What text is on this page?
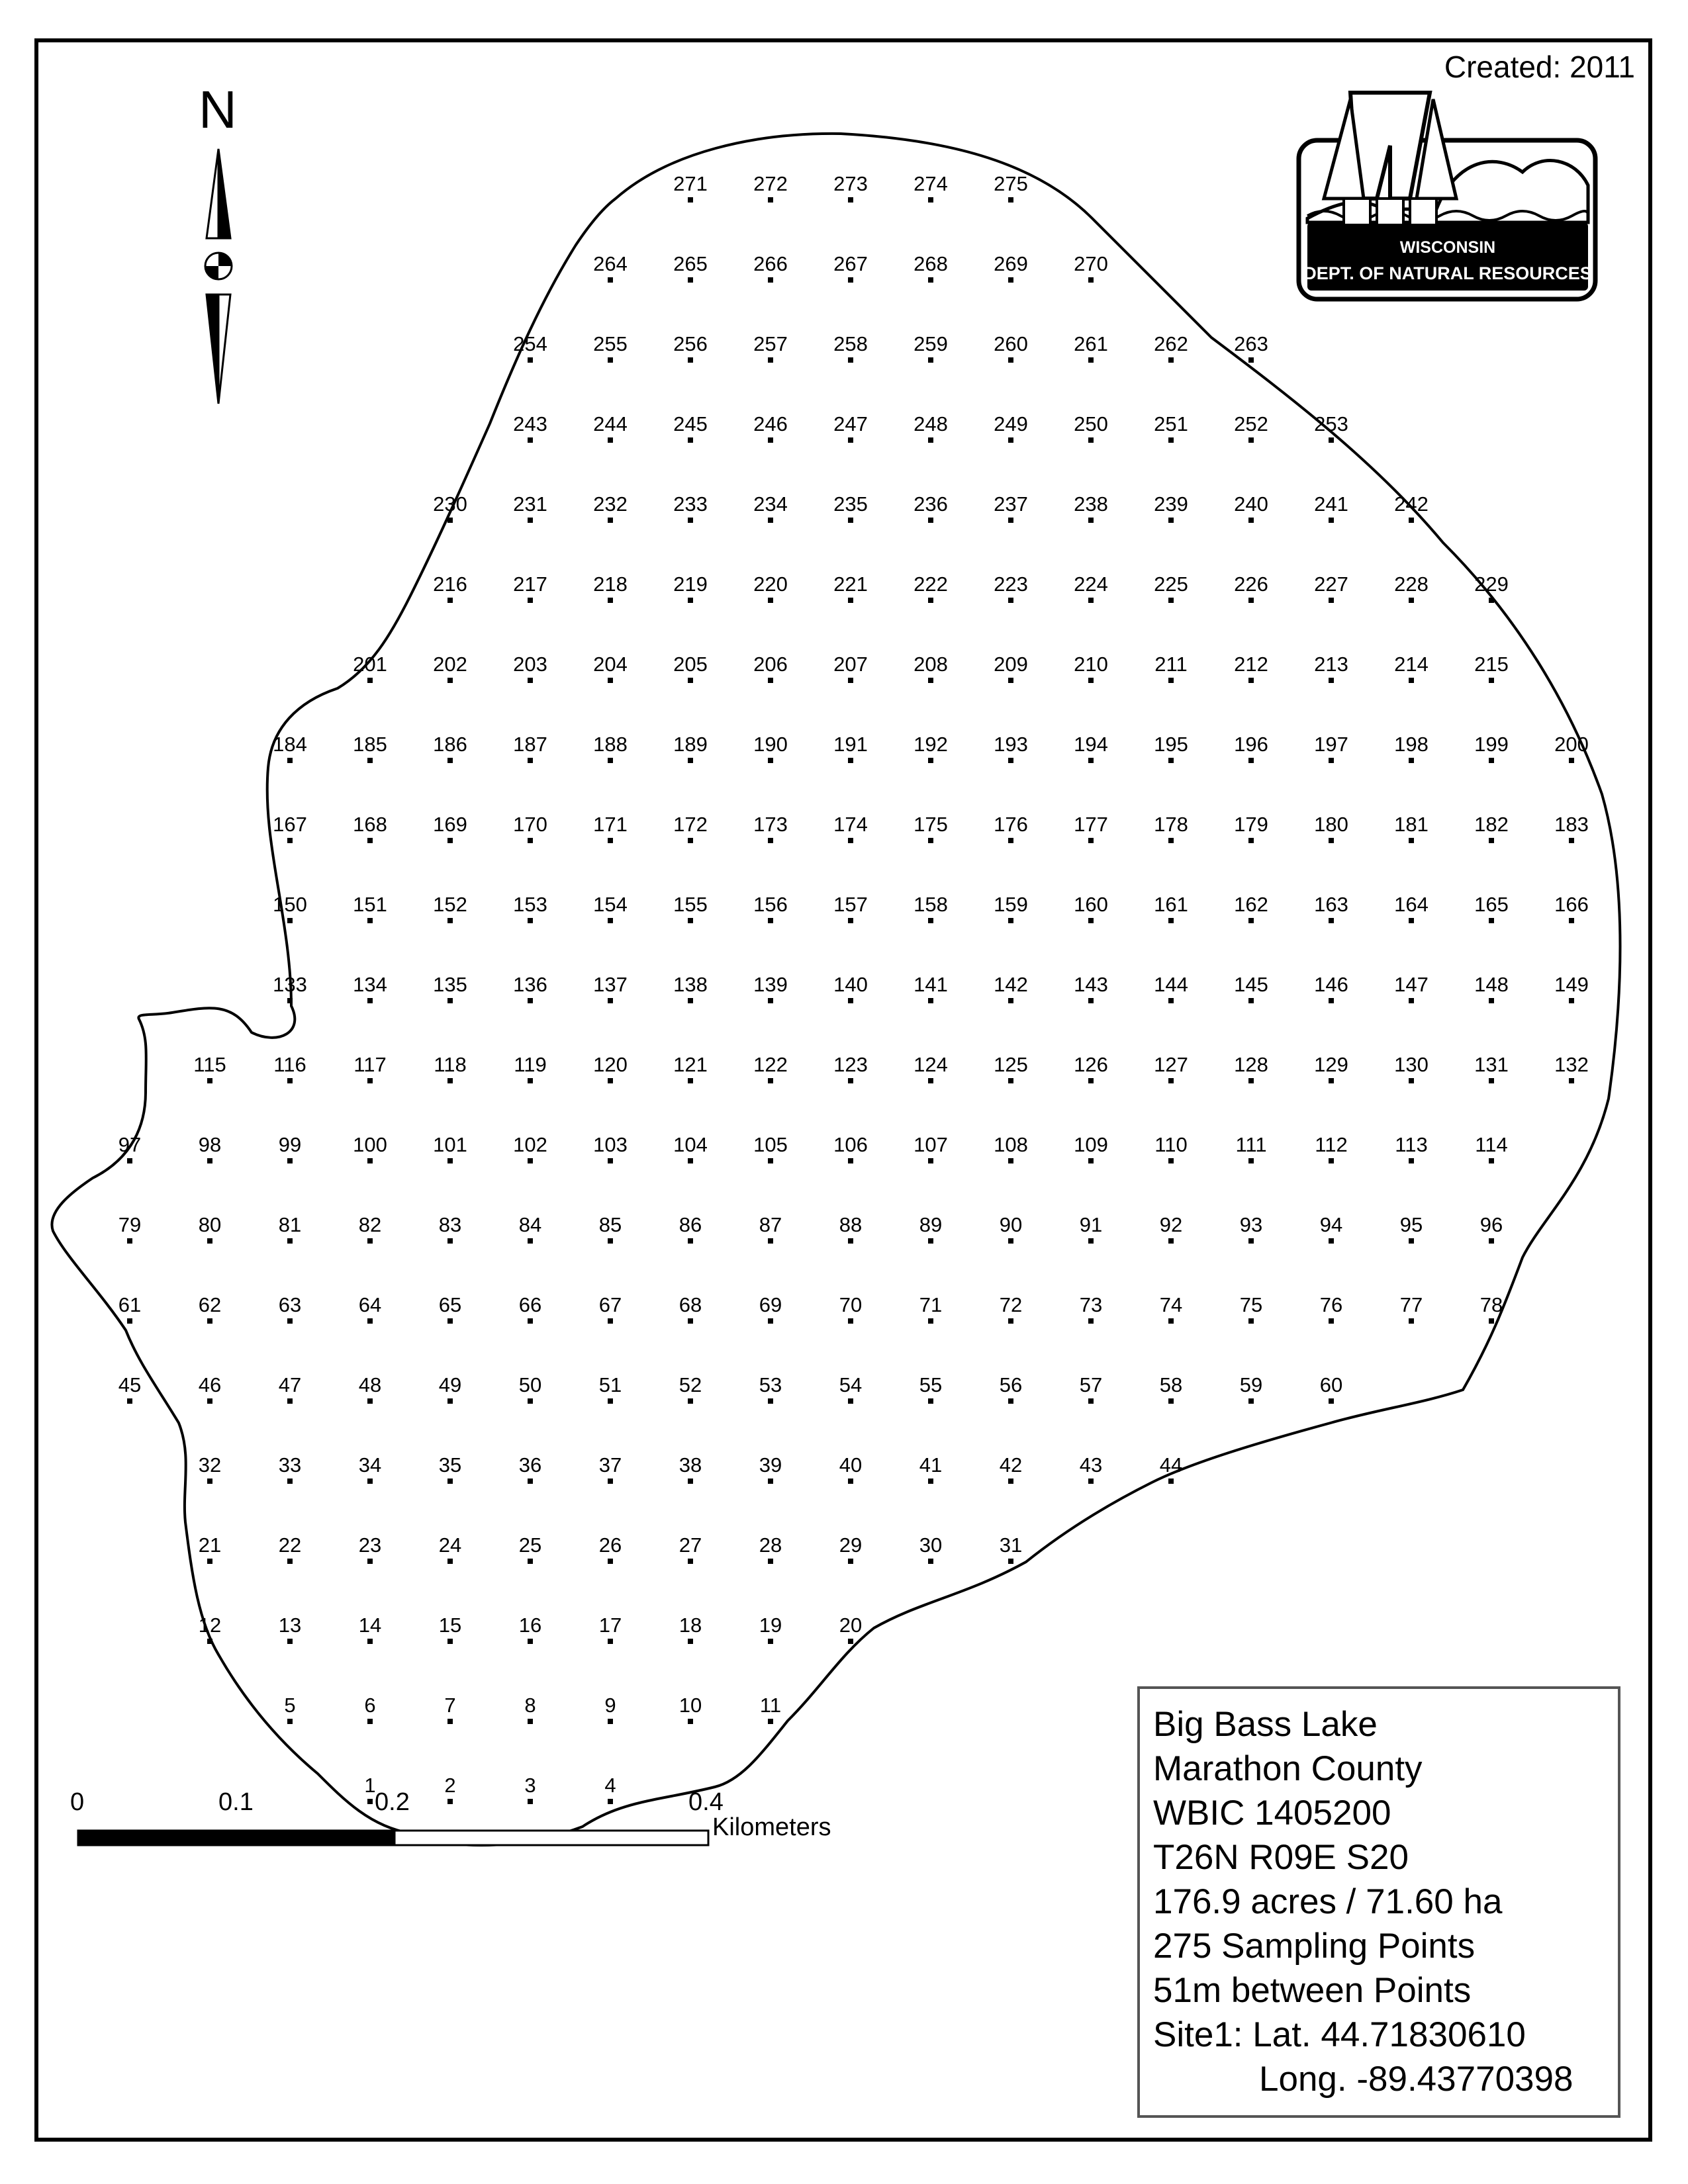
1	2	3	4
5	6	7	8	9	10	11
12	13	14	15	16	17	18	19	20
21	22	23	24	25	26	27	28	29	30	31
32	33	34	35	36	37	38	39	40	41	42	43	44
45	46	47	48	49	50	51	52	53	54	55	56	57	58	59	60
61	62	63	64	65	66	67	68	69	70	71	72	73	74	75	76	77	78
79	80	81	82	83	84	85	86	87	88	89	90	91	92	93	94	95	96
97	98	99	100 101 102 103 104 105 106 107 108 109 110 111 112 113 114
115 116 117 118 119 120 121 122 123 124 125 126 127 128 129 130 131 132
133 134 135 136 137 138 139 140 141 142 143 144 145 146 147 148 149
150 151 152 153 154 155 156 157 158 159 160 161 162 163 164 165 166
167 168 169 170 171 172 173 174 175 176 177 178 179 180 181 182 183
184 185 186 187 188 189 190 191 192 193 194 195 196 197 198 199 200
201 202 203 204 205 206 207 208 209 210 211 212 213 214 215
216 217 218 219 220 221 222 223 224 225 226 227 228 229
230 231 232 233 234 235 236 237 238 239 240 241 242
243 244 245 246 247 248 249 250 251 252 253
254 255 256 257 258 259 260 261 262 263
264 265 266 267 268 269 270
271 272 273 274 275
WISCONSIN
DEPT. OF NATURAL RESOURCES
Created: 2011
N
0	0.1	0.2	0.4
Kilometers
Big Bass Lake
Marathon County
WBIC 1405200
T26N R09E S20
176.9 acres / 71.60 ha
275 Sampling Points
51m between Points
Site1: Lat. 44.71830610
Long. -89.43770398
